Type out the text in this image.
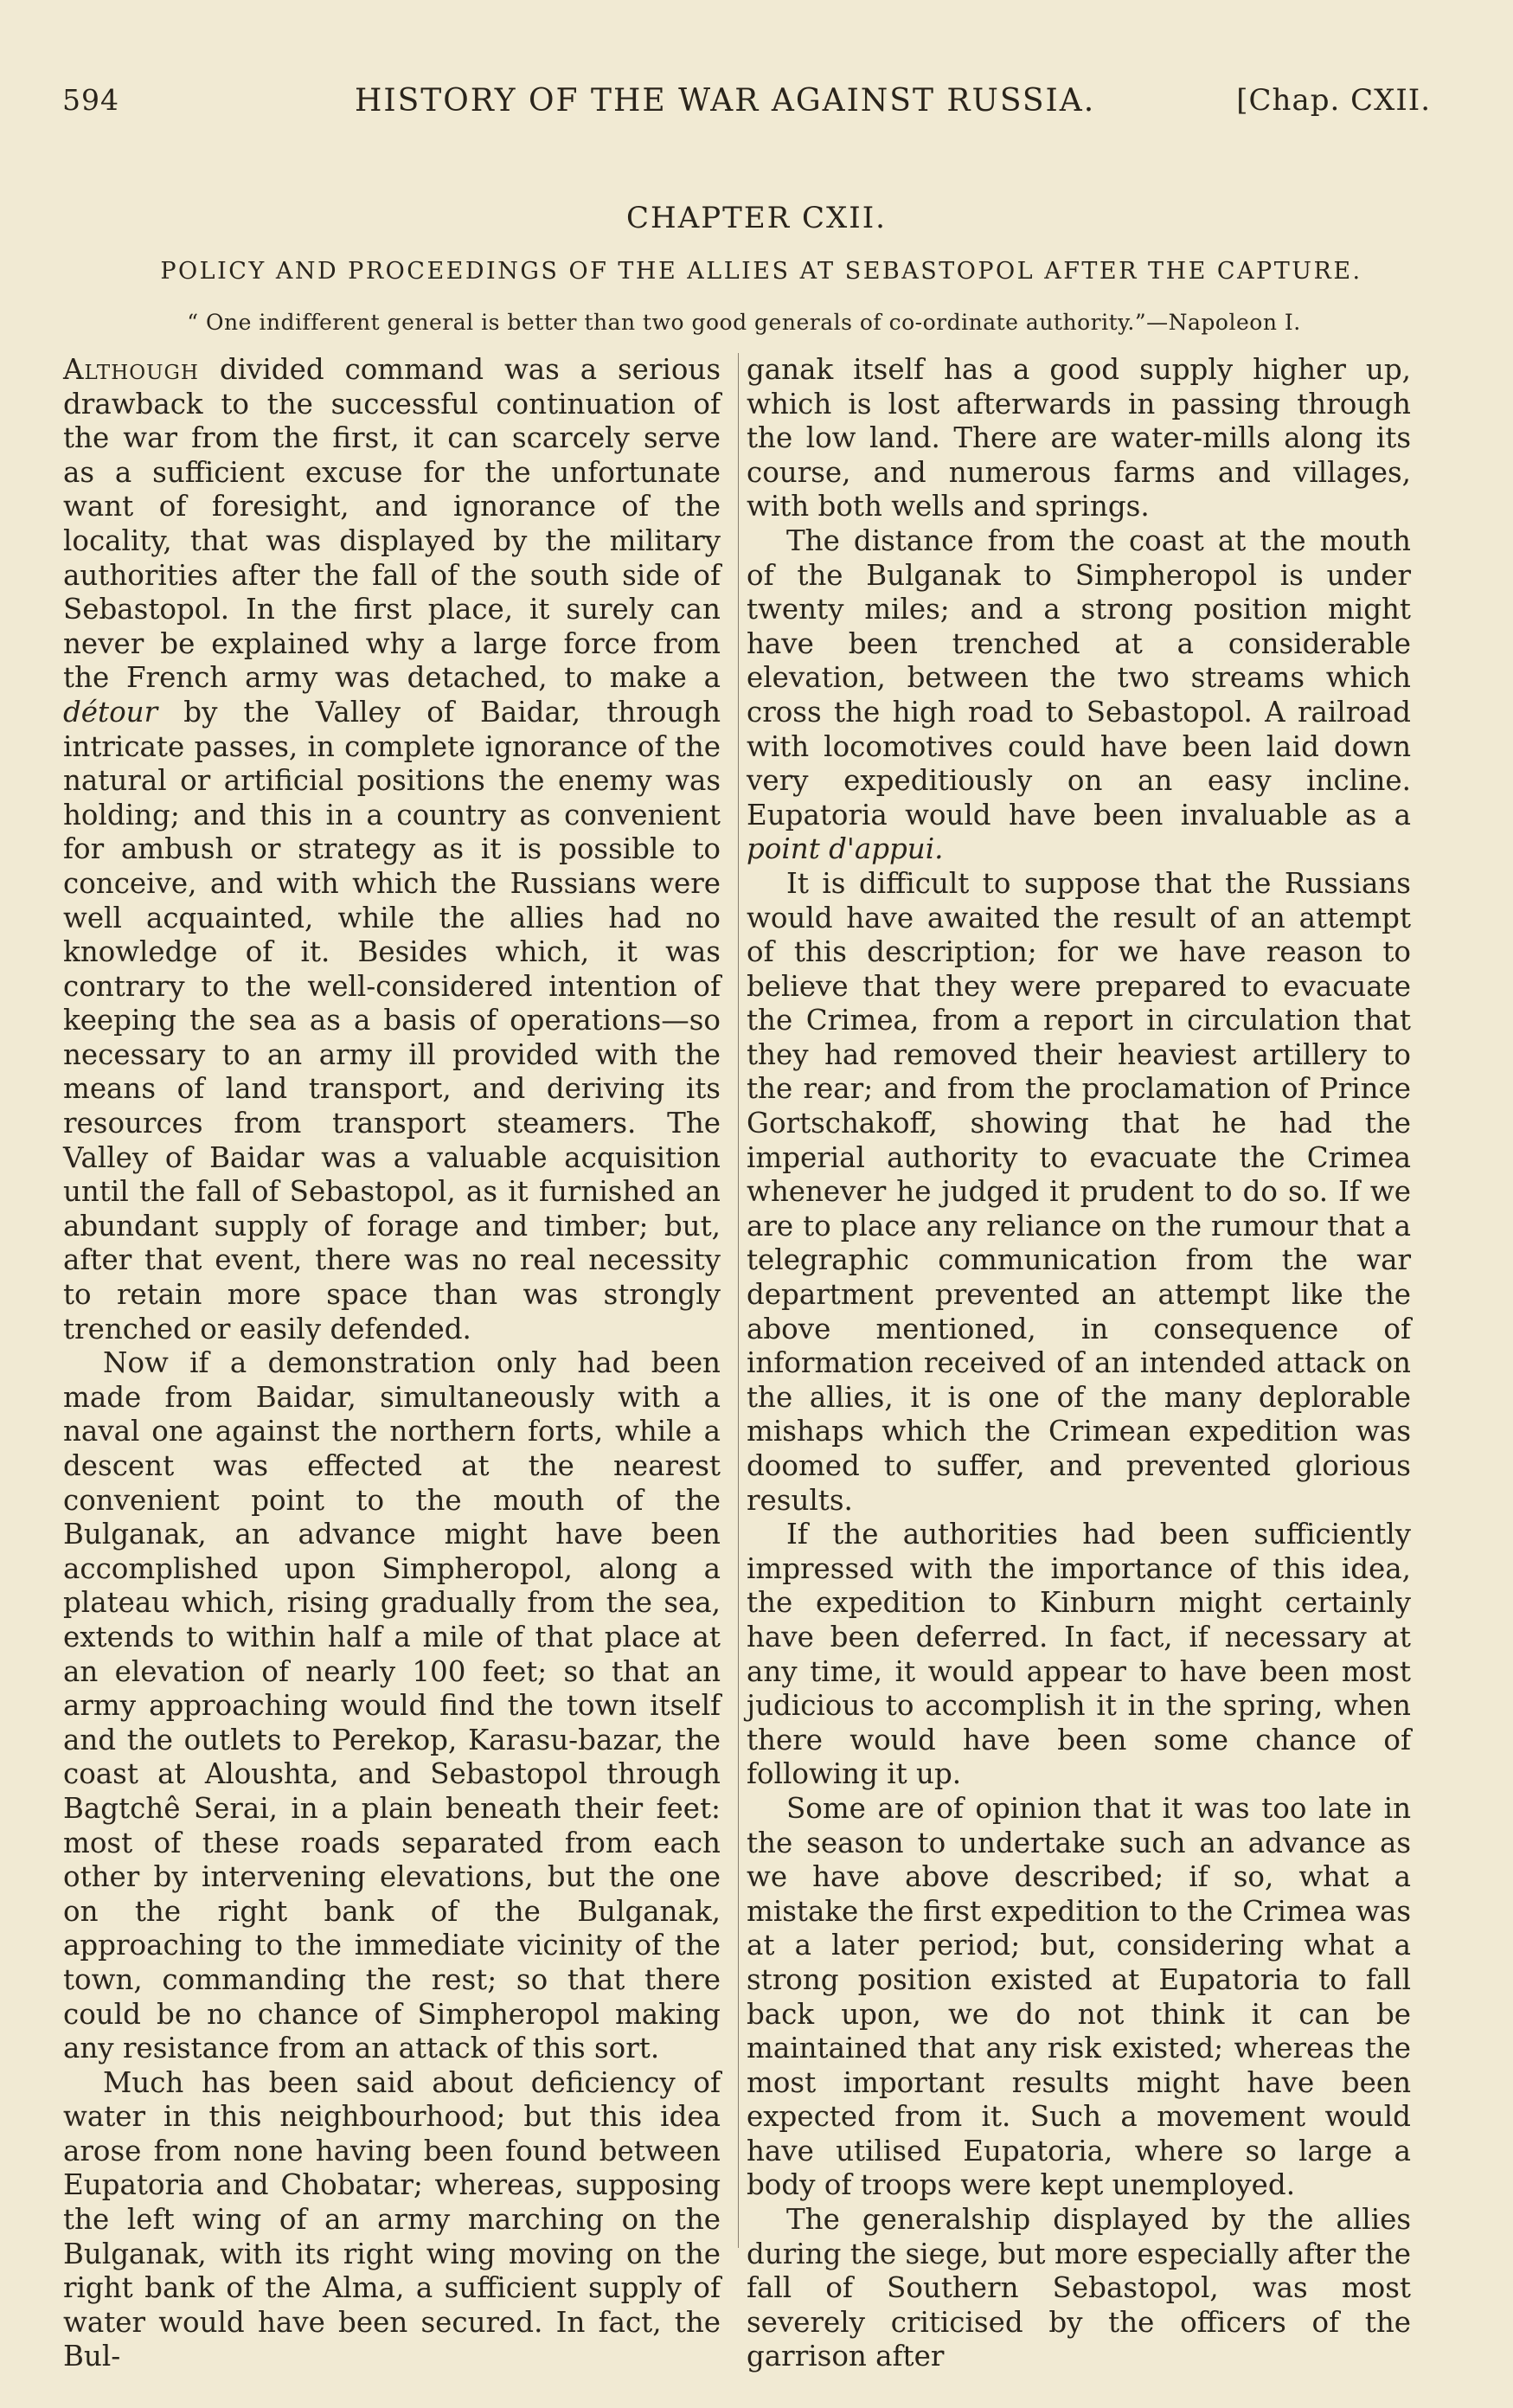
594	HISTORY OF THE WAR AGAINST RUSSIA.	[Chap. CXII.
CHAPTER CXII.
POLICY AND PROCEEDINGS OF THE ALLIES AT SEBASTOPOL AFTER THE CAPTURE.
“ One indifferent general is better than two good generals of co-ordinate authority.”—Napoleon I.

Although divided command was a serious drawback to the successful continuation of the war from the first, it can scarcely serve as a sufficient excuse for the unfortunate want of foresight, and ignorance of the locality, that was displayed by the military authorities after the fall of the south side of Sebastopol. In the first place, it surely can never be explained why a large force from the French army was detached, to make a détour by the Valley of Baidar, through intricate passes, in complete ignorance of the natural or artificial positions the enemy was holding; and this in a country as convenient for ambush or strategy as it is possible to conceive, and with which the Russians were well acquainted, while the allies had no knowledge of it. Besides which, it was contrary to the well-considered intention of keeping the sea as a basis of operations—so necessary to an army ill provided with the means of land transport, and deriving its resources from transport steamers. The Valley of Baidar was a valuable acquisition until the fall of Sebastopol, as it furnished an abundant supply of forage and timber; but, after that event, there was no real necessity to retain more space than was strongly trenched or easily defended.

Now if a demonstration only had been made from Baidar, simultaneously with a naval one against the northern forts, while a descent was effected at the nearest convenient point to the mouth of the Bulganak, an advance might have been accomplished upon Simpheropol, along a plateau which, rising gradually from the sea, extends to within half a mile of that place at an elevation of nearly 100 feet; so that an army approaching would find the town itself and the outlets to Perekop, Karasu-bazar, the coast at Aloushta, and Sebastopol through Bagtchê Serai, in a plain beneath their feet: most of these roads separated from each other by intervening elevations, but the one on the right bank of the Bulganak, approaching to the immediate vicinity of the town, commanding the rest; so that there could be no chance of Simpheropol making any resistance from an attack of this sort.

Much has been said about deficiency of water in this neighbourhood; but this idea arose from none having been found between Eupatoria and Chobatar; whereas, supposing the left wing of an army marching on the Bulganak, with its right wing moving on the right bank of the Alma, a sufficient supply of water would have been secured. In fact, the Bul-

ganak itself has a good supply higher up, which is lost afterwards in passing through the low land. There are water-mills along its course, and numerous farms and villages, with both wells and springs.

The distance from the coast at the mouth of the Bulganak to Simpheropol is under twenty miles; and a strong position might have been trenched at a considerable elevation, between the two streams which cross the high road to Sebastopol. A railroad with locomotives could have been laid down very expeditiously on an easy incline. Eupatoria would have been invaluable as a point d'appui.

It is difficult to suppose that the Russians would have awaited the result of an attempt of this description; for we have reason to believe that they were prepared to evacuate the Crimea, from a report in circulation that they had removed their heaviest artillery to the rear; and from the proclamation of Prince Gortschakoff, showing that he had the imperial authority to evacuate the Crimea whenever he judged it prudent to do so. If we are to place any reliance on the rumour that a telegraphic communication from the war department prevented an attempt like the above mentioned, in consequence of information received of an intended attack on the allies, it is one of the many deplorable mishaps which the Crimean expedition was doomed to suffer, and prevented glorious results.

If the authorities had been sufficiently impressed with the importance of this idea, the expedition to Kinburn might certainly have been deferred. In fact, if necessary at any time, it would appear to have been most judicious to accomplish it in the spring, when there would have been some chance of following it up.

Some are of opinion that it was too late in the season to undertake such an advance as we have above described; if so, what a mistake the first expedition to the Crimea was at a later period; but, considering what a strong position existed at Eupatoria to fall back upon, we do not think it can be maintained that any risk existed; whereas the most important results might have been expected from it. Such a movement would have utilised Eupatoria, where so large a body of troops were kept unemployed.

The generalship displayed by the allies during the siege, but more especially after the fall of Southern Sebastopol, was most severely criticised by the officers of the garrison after
